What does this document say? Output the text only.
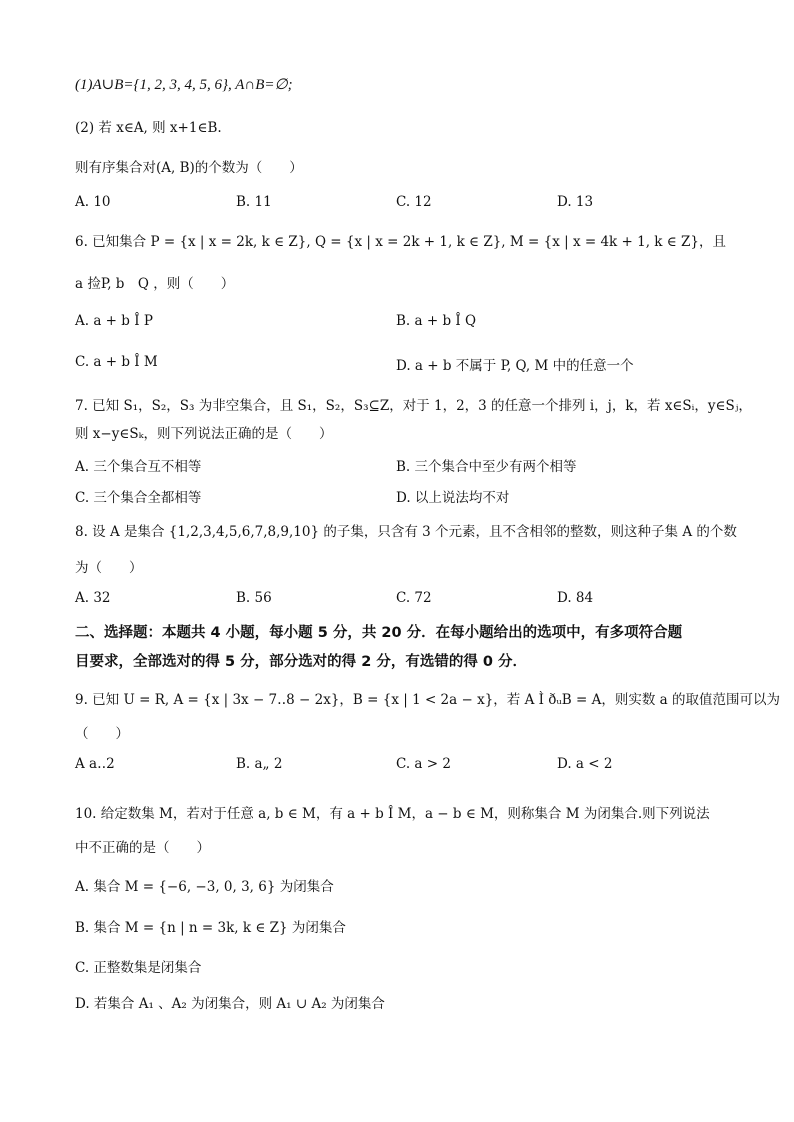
(1)A∪B={1, 2, 3, 4, 5, 6}, A∩B=∅;
(2) 若 x∈A, 则 x+1∈B.
则有序集合对(A, B)的个数为（　　）
A. 10	B. 11	C. 12	D. 13
6. 已知集合 P = {x | x = 2k, k ∈ Z}, Q = {x | x = 2k + 1, k ∈ Z}, M = {x | x = 4k + 1, k ∈ Z}，且
a 捡P, b　Q ，则（　　）
A. a + b Î P	B. a + b Î Q
C. a + b Î M	D. a + b 不属于 P, Q, M 中的任意一个
7. 已知 S₁，S₂，S₃ 为非空集合，且 S₁，S₂，S₃⊆Z，对于 1，2，3 的任意一个排列 i，j，k，若 x∈Sᵢ，y∈Sⱼ，
则 x−y∈Sₖ，则下列说法正确的是（　　）
A. 三个集合互不相等	B. 三个集合中至少有两个相等
C. 三个集合全都相等	D. 以上说法均不对
8. 设 A 是集合 {1,2,3,4,5,6,7,8,9,10} 的子集，只含有 3 个元素，且不含相邻的整数，则这种子集 A 的个数
为（　　）
A. 32	B. 56	C. 72	D. 84
二、选择题：本题共 4 小题，每小题 5 分，共 20 分．在每小题给出的选项中，有多项符合题
目要求，全部选对的得 5 分，部分选对的得 2 分，有选错的得 0 分．
9. 已知 U = R, A = {x | 3x − 7‥8 − 2x}，B = {x | 1 < 2a − x}，若 A Ì ðᵤB = A，则实数 a 的取值范围可以为
（　　）
A a‥2	B. a„ 2	C. a > 2	D. a < 2
10. 给定数集 M，若对于任意 a, b ∈ M，有 a + b Î M，a − b ∈ M，则称集合 M 为闭集合.则下列说法
中不正确的是（　　）
A. 集合 M = {−6, −3, 0, 3, 6} 为闭集合
B. 集合 M = {n | n = 3k, k ∈ Z} 为闭集合
C. 正整数集是闭集合
D. 若集合 A₁ 、A₂ 为闭集合，则 A₁ ∪ A₂ 为闭集合
